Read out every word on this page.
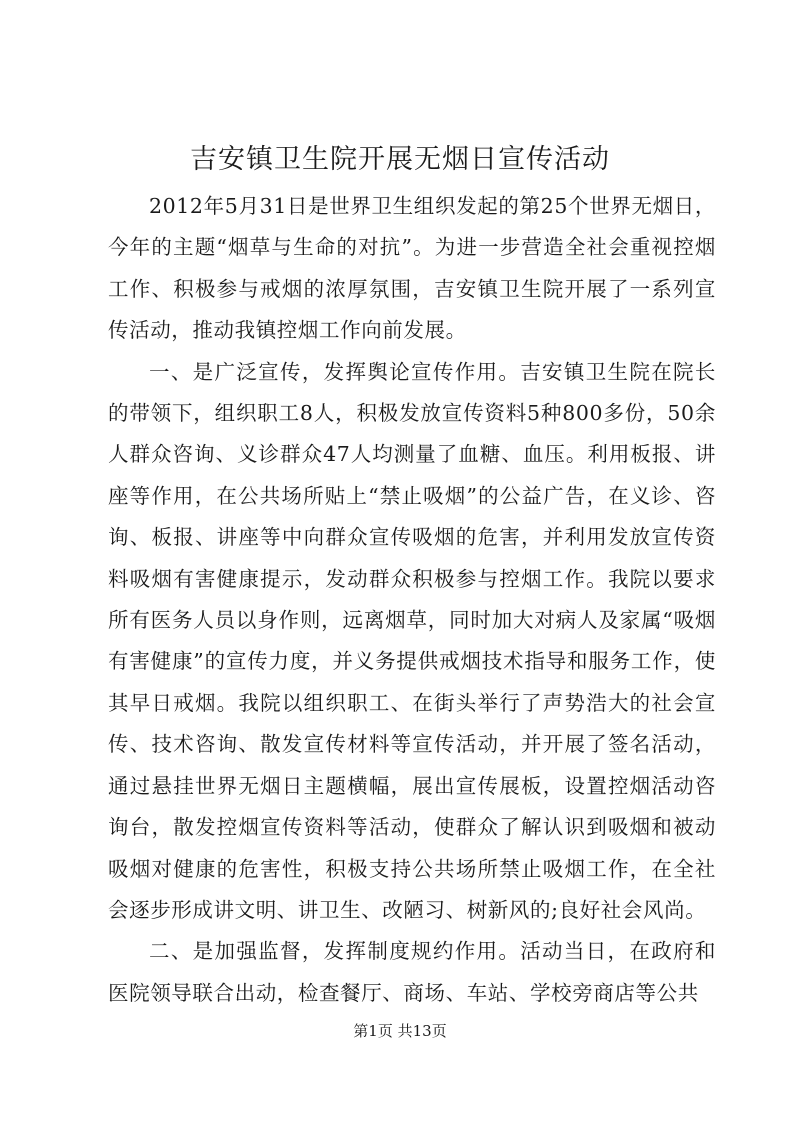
吉安镇卫生院开展无烟日宣传活动

2012年5月31日是世界卫生组织发起的第25个世界无烟日，今年的主题“烟草与生命的对抗”。为进一步营造全社会重视控烟工作、积极参与戒烟的浓厚氛围，吉安镇卫生院开展了一系列宣传活动，推动我镇控烟工作向前发展。

一、是广泛宣传，发挥舆论宣传作用。吉安镇卫生院在院长的带领下，组织职工8人，积极发放宣传资料5种800多份，50余人群众咨询、义诊群众47人均测量了血糖、血压。利用板报、讲座等作用，在公共场所贴上“禁止吸烟”的公益广告，在义诊、咨询、板报、讲座等中向群众宣传吸烟的危害，并利用发放宣传资料吸烟有害健康提示，发动群众积极参与控烟工作。我院以要求所有医务人员以身作则，远离烟草，同时加大对病人及家属“吸烟有害健康”的宣传力度，并义务提供戒烟技术指导和服务工作，使其早日戒烟。我院以组织职工、在街头举行了声势浩大的社会宣传、技术咨询、散发宣传材料等宣传活动，并开展了签名活动，通过悬挂世界无烟日主题横幅，展出宣传展板，设置控烟活动咨询台，散发控烟宣传资料等活动，使群众了解认识到吸烟和被动吸烟对健康的危害性，积极支持公共场所禁止吸烟工作，在全社会逐步形成讲文明、讲卫生、改陋习、树新风的;良好社会风尚。

二、是加强监督，发挥制度规约作用。活动当日，在政府和医院领导联合出动，检查餐厅、商场、车站、学校旁商店等公共

第1页 共13页
